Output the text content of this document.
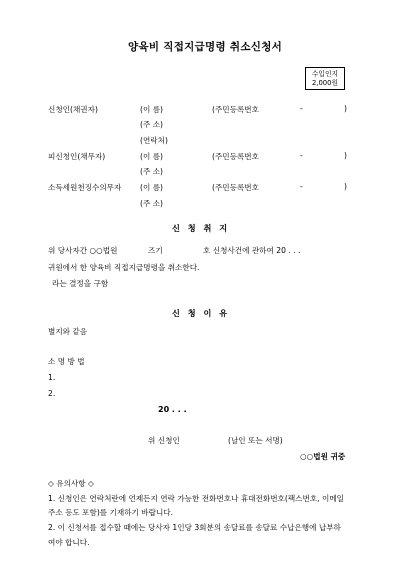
양육비 직접지급명령 취소신청서
수입인지
2,000원
신청인(채권자)	(이 름)	(주민등록번호	-	)
(주 소)
(연락처)
피신청인(채무자)	(이 름)	(주민등록번호	-	)
(주 소)
소득세원천징수의무자 (이 름)	(주민등록번호	-	)
(주 소)
신 청 취 지
위 당사자간 ○○법원	즈기	호 신청사건에 관하여 20 . . .
귀원에서 한 양육비 직접지급명령을 취소한다.
라는 결정을 구함
신 청 이 유
별지와 같음
소 명 방 법
1.
2.
20 . . .
위 신청인	(날인 또는 서명)
○○법원 귀중
◇ 유의사항 ◇
1. 신청인은 연락처란에 언제든지 연락 가능한 전화번호나 휴대전화번호(팩스번호, 이메일
주소 등도 포함)를 기재하기 바랍니다.
2. 이 신청서를 접수할 때에는 당사자 1인당 3회분의 송달료를 송달료 수납은행에 납부하
여야 합니다.
